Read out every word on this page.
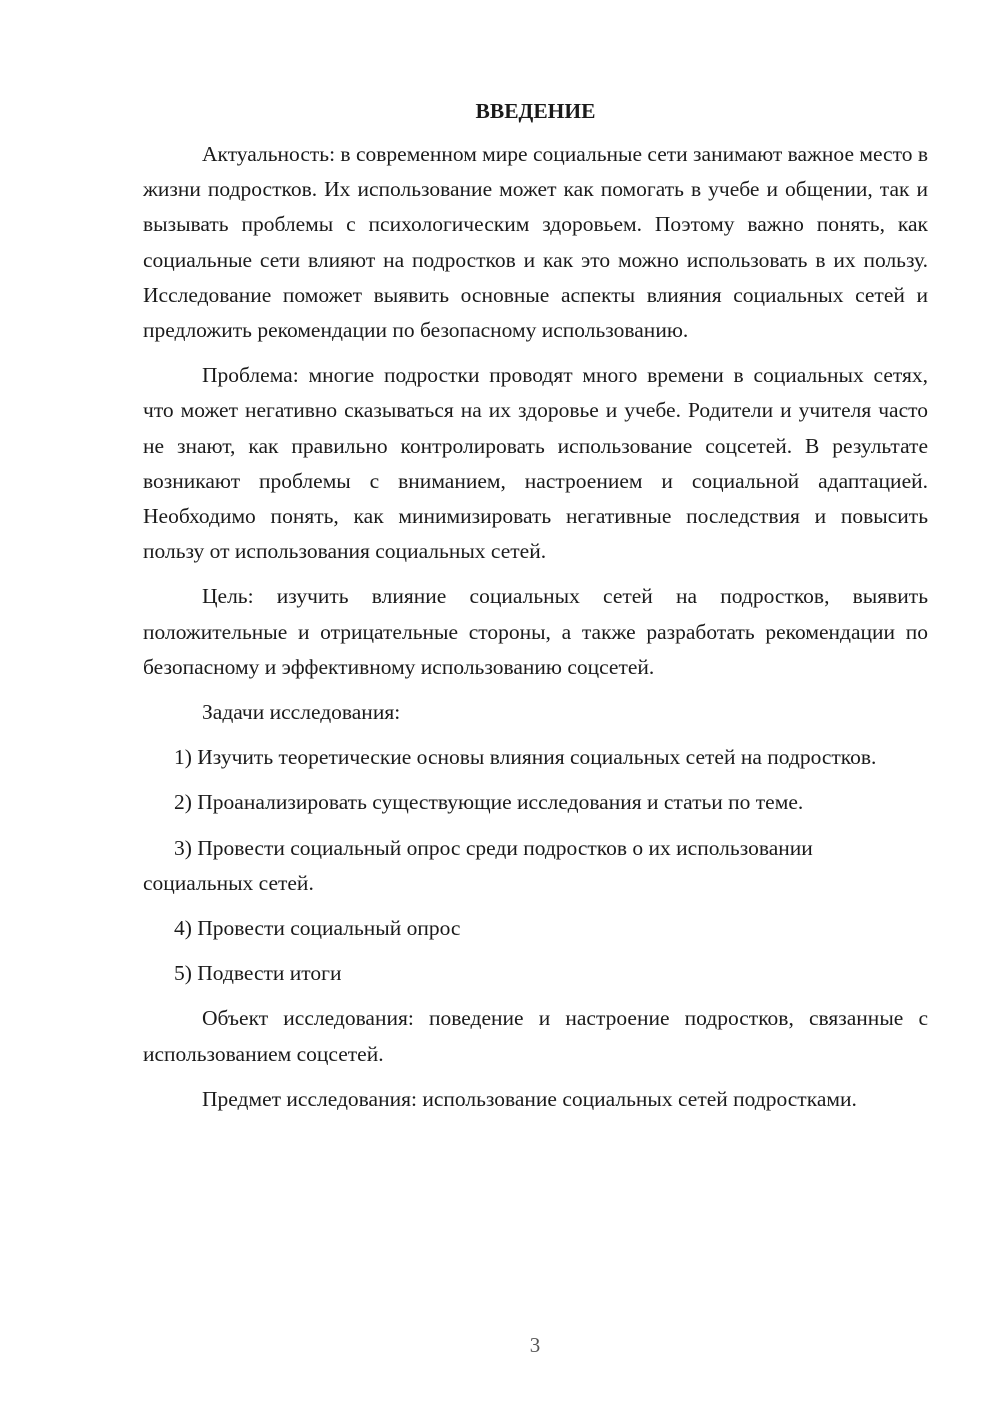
ВВЕДЕНИЕ

Актуальность: в современном мире социальные сети занимают важное место в жизни подростков. Их использование может как помогать в учебе и общении, так и вызывать проблемы с психологическим здоровьем. Поэтому важно понять, как социальные сети влияют на подростков и как это можно использовать в их пользу. Исследование поможет выявить основные аспекты влияния социальных сетей и предложить рекомендации по безопасному использованию.

Проблема: многие подростки проводят много времени в социальных сетях, что может негативно сказываться на их здоровье и учебе. Родители и учителя часто не знают, как правильно контролировать использование соцсетей. В результате возникают проблемы с вниманием, настроением и социальной адаптацией. Необходимо понять, как минимизировать негативные последствия и повысить пользу от использования социальных сетей.

Цель: изучить влияние социальных сетей на подростков, выявить положительные и отрицательные стороны, а также разработать рекомендации по безопасному и эффективному использованию соцсетей.

Задачи исследования:

1) Изучить теоретические основы влияния социальных сетей на подростков.

2) Проанализировать существующие исследования и статьи по теме.

3) Провести социальный опрос среди подростков о их использовании социальных сетей.

4) Провести социальный опрос

5) Подвести итоги

Объект исследования: поведение и настроение подростков, связанные с использованием соцсетей.

Предмет исследования: использование социальных сетей подростками.

3
